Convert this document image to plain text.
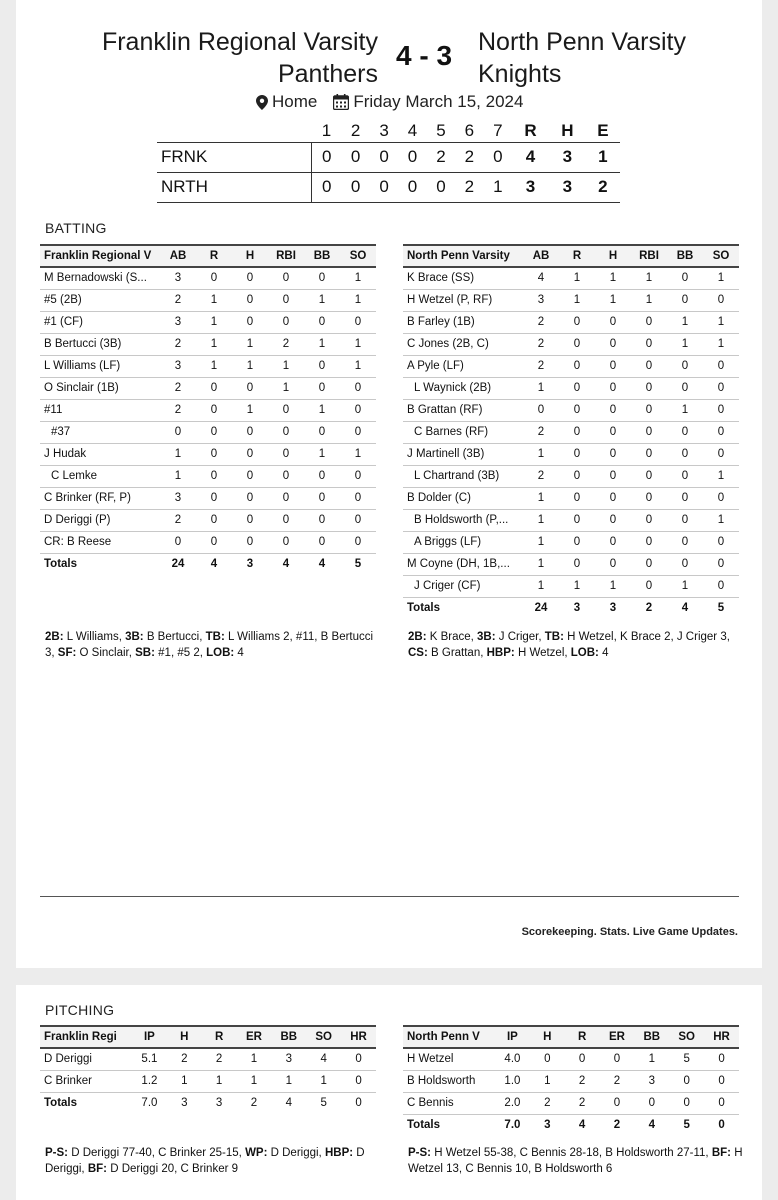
Franklin Regional Varsity
Panthers
4 - 3 North Penn Varsity
Knights
Home Friday March 15, 2024
	1	2	3	4	5	6	7	R	H	E
FRNK	0	0	0	0	2	2	0	4	3	1
NRTH	0	0	0	0	0	2	1	3	3	2
BATTING
Franklin Regional V	AB	R	H	RBI	BB	SO
M Bernadowski (S...	3	0	0	0	0	1
#5 (2B)	2	1	0	0	1	1
#1 (CF)	3	1	0	0	0	0
B Bertucci (3B)	2	1	1	2	1	1
L Williams (LF)	3	1	1	1	0	1
O Sinclair (1B)	2	0	0	1	0	0
#11	2	0	1	0	1	0
#37	0	0	0	0	0	0
J Hudak	1	0	0	0	1	1
C Lemke	1	0	0	0	0	0
C Brinker (RF, P)	3	0	0	0	0	0
D Deriggi (P)	2	0	0	0	0	0
CR: B Reese	0	0	0	0	0	0
Totals	24	4	3	4	4	5
North Penn Varsity	AB	R	H	RBI	BB	SO
K Brace (SS)	4	1	1	1	0	1
H Wetzel (P, RF)	3	1	1	1	0	0
B Farley (1B)	2	0	0	0	1	1
C Jones (2B, C)	2	0	0	0	1	1
A Pyle (LF)	2	0	0	0	0	0
L Waynick (2B)	1	0	0	0	0	0
B Grattan (RF)	0	0	0	0	1	0
C Barnes (RF)	2	0	0	0	0	0
J Martinell (3B)	1	0	0	0	0	0
L Chartrand (3B)	2	0	0	0	0	1
B Dolder (C)	1	0	0	0	0	0
B Holdsworth (P,...	1	0	0	0	0	1
A Briggs (LF)	1	0	0	0	0	0
M Coyne (DH, 1B,...	1	0	0	0	0	0
J Criger (CF)	1	1	1	0	1	0
Totals	24	3	3	2	4	5
2B: L Williams, 3B: B Bertucci, TB: L Williams 2, #11, B Bertucci 3, SF: O Sinclair, SB: #1, #5 2, LOB: 4
2B: K Brace, 3B: J Criger, TB: H Wetzel, K Brace 2, J Criger 3, CS: B Grattan, HBP: H Wetzel, LOB: 4
Scorekeeping. Stats. Live Game Updates.
PITCHING
Franklin Regi	IP	H	R	ER	BB	SO	HR
D Deriggi	5.1	2	2	1	3	4	0
C Brinker	1.2	1	1	1	1	1	0
Totals	7.0	3	3	2	4	5	0
North Penn V	IP	H	R	ER	BB	SO	HR
H Wetzel	4.0	0	0	0	1	5	0
B Holdsworth	1.0	1	2	2	3	0	0
C Bennis	2.0	2	2	0	0	0	0
Totals	7.0	3	4	2	4	5	0
P-S: D Deriggi 77-40, C Brinker 25-15, WP: D Deriggi, HBP: D Deriggi, BF: D Deriggi 20, C Brinker 9
P-S: H Wetzel 55-38, C Bennis 28-18, B Holdsworth 27-11, BF: H Wetzel 13, C Bennis 10, B Holdsworth 6
